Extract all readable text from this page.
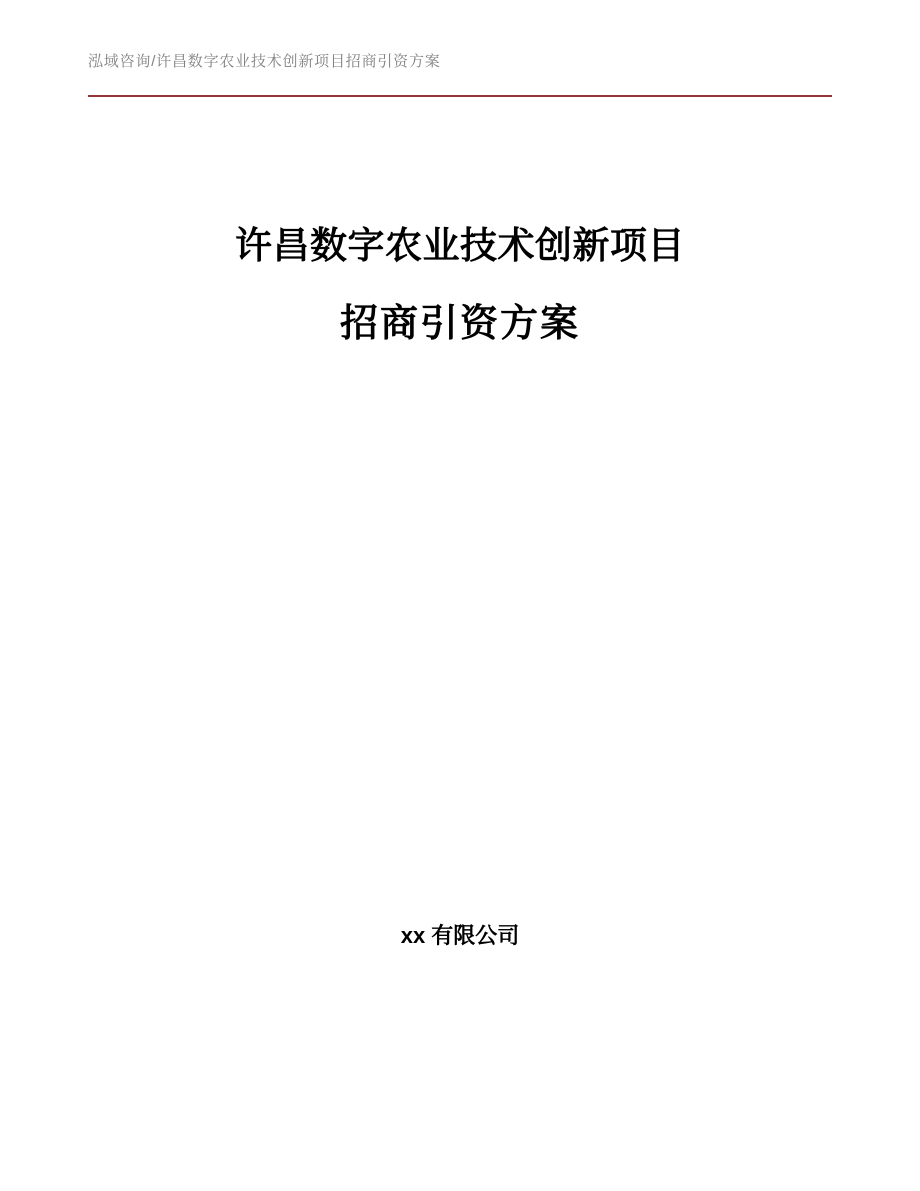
泓域咨询/许昌数字农业技术创新项目招商引资方案
许昌数字农业技术创新项目
招商引资方案
xx 有限公司
